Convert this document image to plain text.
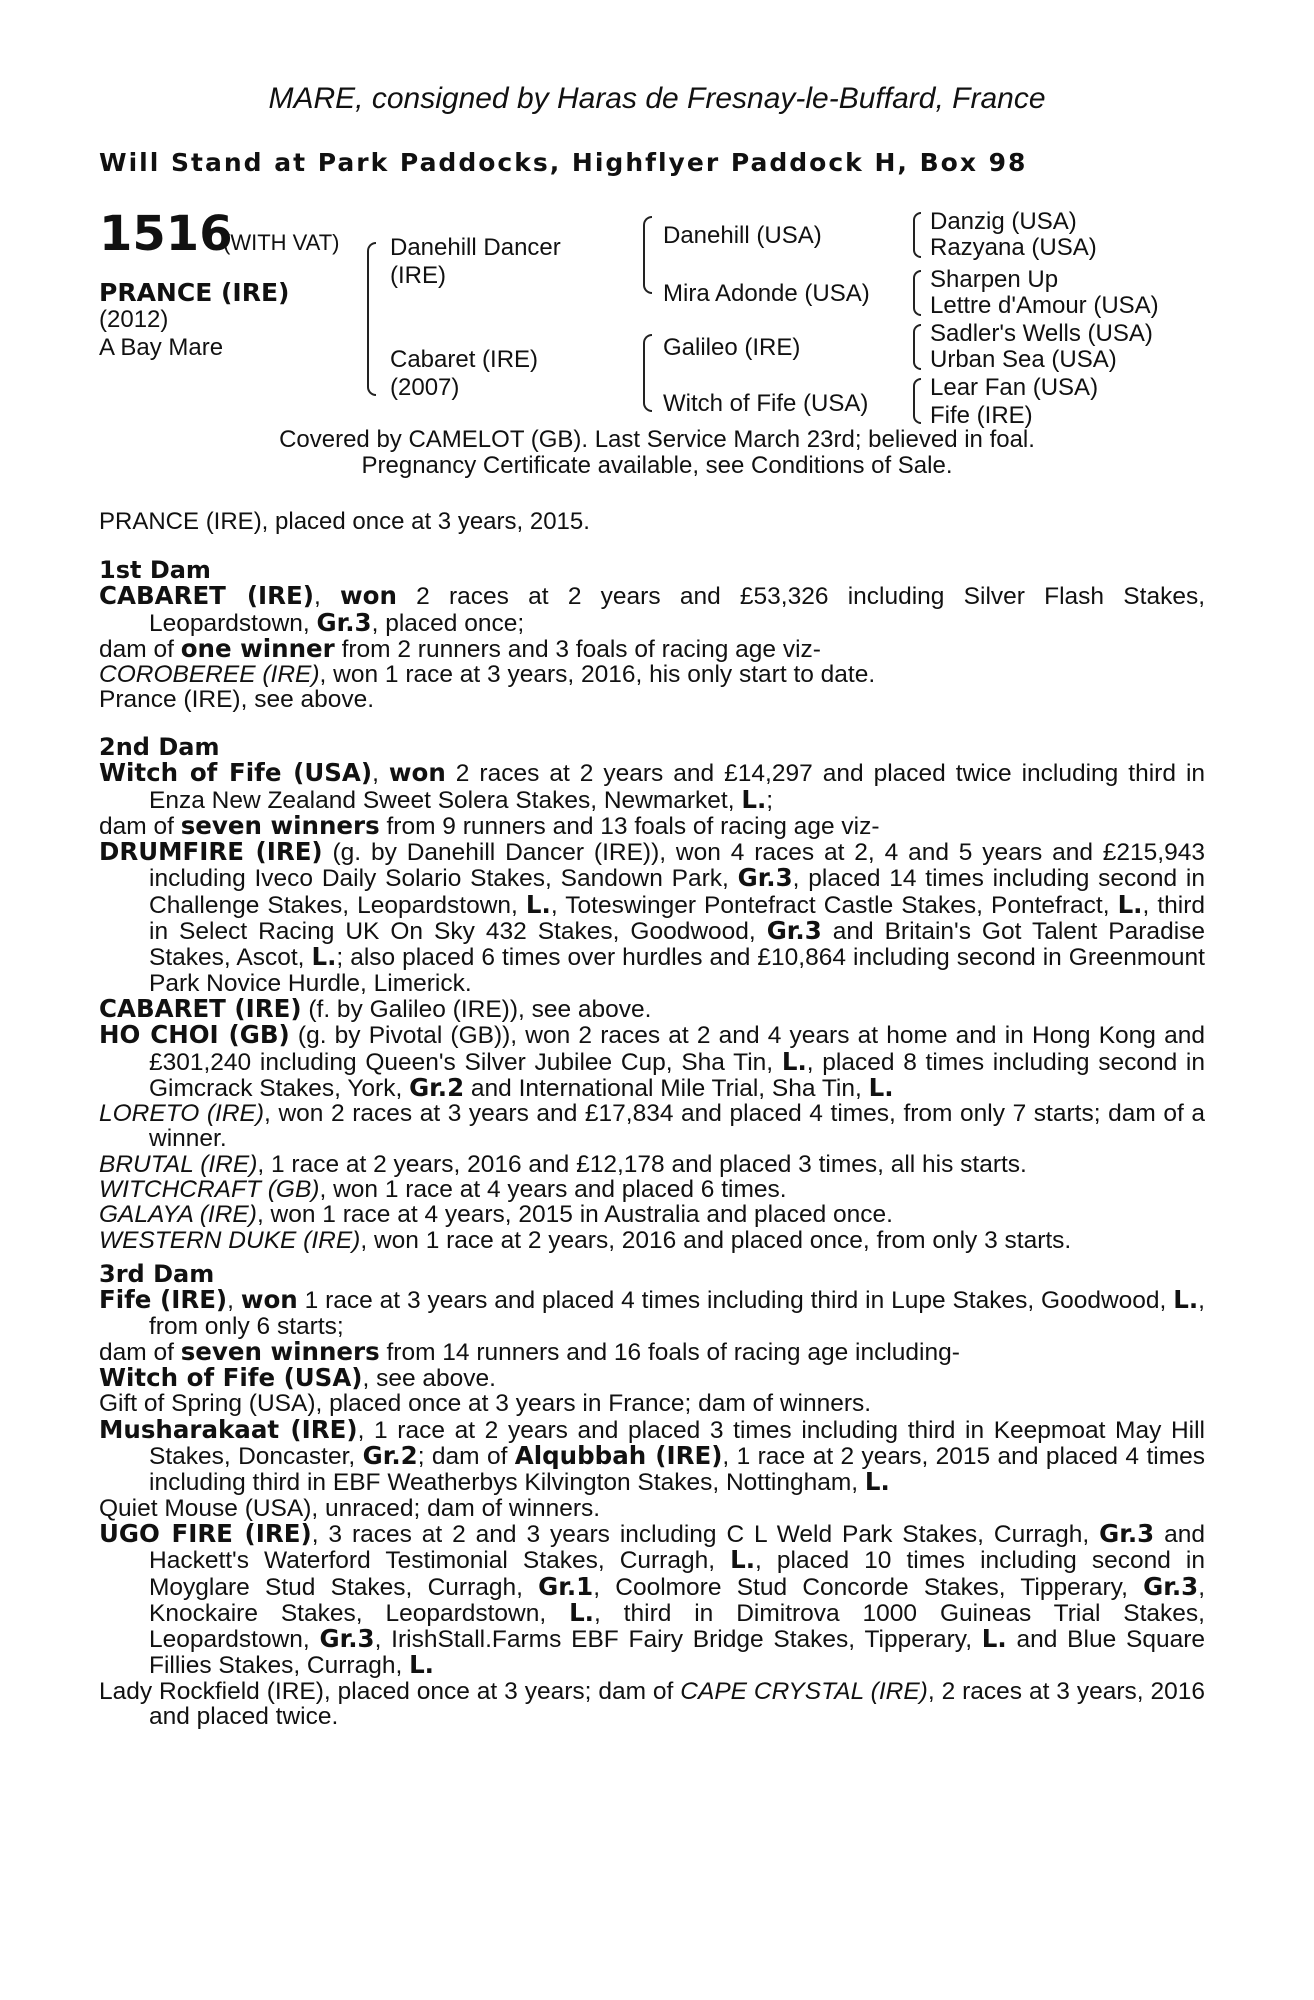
MARE, consigned by Haras de Fresnay-le-Buffard, France
Will Stand at Park Paddocks, Highflyer Paddock H, Box 98
1516
(WITH VAT)
PRANCE (IRE)
(2012)
A Bay Mare
Danehill Dancer
(IRE)
Cabaret (IRE)
(2007)
Danehill (USA)
Mira Adonde (USA)
Galileo (IRE)
Witch of Fife (USA)
Danzig (USA)
Razyana (USA)
Sharpen Up
Lettre d'Amour (USA)
Sadler's Wells (USA)
Urban Sea (USA)
Lear Fan (USA)
Fife (IRE)
Covered by CAMELOT (GB). Last Service March 23rd; believed in foal.
Pregnancy Certificate available, see Conditions of Sale.
PRANCE (IRE), placed once at 3 years, 2015.

1st Dam

CABARET (IRE), won 2 races at 2 years and £53,326 including Silver Flash Stakes, Leopardstown, Gr.3, placed once;

dam of one winner from 2 runners and 3 foals of racing age viz-

COROBEREE (IRE), won 1 race at 3 years, 2016, his only start to date.

Prance (IRE), see above.

2nd Dam

Witch of Fife (USA), won 2 races at 2 years and £14,297 and placed twice including third in Enza New Zealand Sweet Solera Stakes, Newmarket, L.;

dam of seven winners from 9 runners and 13 foals of racing age viz-

DRUMFIRE (IRE) (g. by Danehill Dancer (IRE)), won 4 races at 2, 4 and 5 years and £215,943 including Iveco Daily Solario Stakes, Sandown Park, Gr.3, placed 14 times including second in Challenge Stakes, Leopardstown, L., Toteswinger Pontefract Castle Stakes, Pontefract, L., third in Select Racing UK On Sky 432 Stakes, Goodwood, Gr.3 and Britain's Got Talent Paradise Stakes, Ascot, L.; also placed 6 times over hurdles and £10,864 including second in Greenmount Park Novice Hurdle, Limerick.

CABARET (IRE) (f. by Galileo (IRE)), see above.

HO CHOI (GB) (g. by Pivotal (GB)), won 2 races at 2 and 4 years at home and in Hong Kong and £301,240 including Queen's Silver Jubilee Cup, Sha Tin, L., placed 8 times including second in Gimcrack Stakes, York, Gr.2 and International Mile Trial, Sha Tin, L.

LORETO (IRE), won 2 races at 3 years and £17,834 and placed 4 times, from only 7 starts; dam of a winner.

BRUTAL (IRE), 1 race at 2 years, 2016 and £12,178 and placed 3 times, all his starts.

WITCHCRAFT (GB), won 1 race at 4 years and placed 6 times.

GALAYA (IRE), won 1 race at 4 years, 2015 in Australia and placed once.

WESTERN DUKE (IRE), won 1 race at 2 years, 2016 and placed once, from only 3 starts.

3rd Dam

Fife (IRE), won 1 race at 3 years and placed 4 times including third in Lupe Stakes, Goodwood, L., from only 6 starts;

dam of seven winners from 14 runners and 16 foals of racing age including-

Witch of Fife (USA), see above.

Gift of Spring (USA), placed once at 3 years in France; dam of winners.

Musharakaat (IRE), 1 race at 2 years and placed 3 times including third in Keepmoat May Hill Stakes, Doncaster, Gr.2; dam of Alqubbah (IRE), 1 race at 2 years, 2015 and placed 4 times including third in EBF Weatherbys Kilvington Stakes, Nottingham, L.

Quiet Mouse (USA), unraced; dam of winners.

UGO FIRE (IRE), 3 races at 2 and 3 years including C L Weld Park Stakes, Curragh, Gr.3 and Hackett's Waterford Testimonial Stakes, Curragh, L., placed 10 times including second in Moyglare Stud Stakes, Curragh, Gr.1, Coolmore Stud Concorde Stakes, Tipperary, Gr.3, Knockaire Stakes, Leopardstown, L., third in Dimitrova 1000 Guineas Trial Stakes, Leopardstown, Gr.3, IrishStall.Farms EBF Fairy Bridge Stakes, Tipperary, L. and Blue Square Fillies Stakes, Curragh, L.

Lady Rockfield (IRE), placed once at 3 years; dam of CAPE CRYSTAL (IRE), 2 races at 3 years, 2016 and placed twice.
